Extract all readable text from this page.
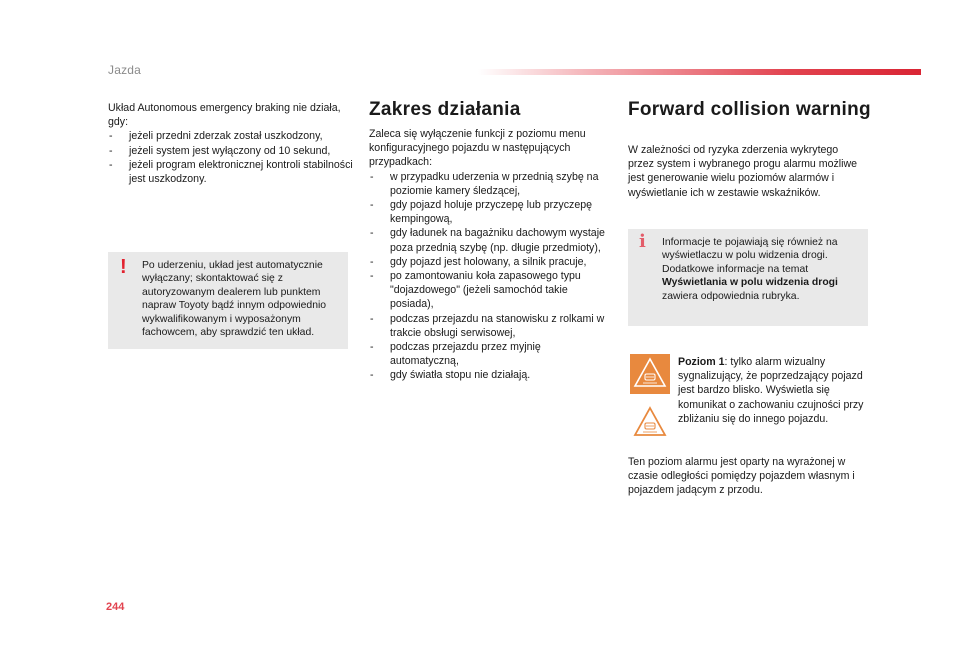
Jazda

Układ Autonomous emergency braking nie działa, gdy:

- jeżeli przedni zderzak został uszkodzony,
- jeżeli system jest wyłączony od 10 sekund,
- jeżeli program elektronicznej kontroli stabilności jest uszkodzony.
! Po uderzeniu, układ jest automatycznie wyłączany; skontaktować się z autoryzowanym dealerem lub punktem napraw Toyoty bądź innym odpowiednio wykwalifikowanym i wyposażonym fachowcem, aby sprawdzić ten układ.

Zakres działania

Zaleca się wyłączenie funkcji z poziomu menu konfiguracyjnego pojazdu w następujących przypadkach:

- w przypadku uderzenia w przednią szybę na poziomie kamery śledzącej,
- gdy pojazd holuje przyczepę lub przyczepę kempingową,
- gdy ładunek na bagażniku dachowym wystaje poza przednią szybę (np. długie przedmioty),
- gdy pojazd jest holowany, a silnik pracuje,
- po zamontowaniu koła zapasowego typu "dojazdowego" (jeżeli samochód takie posiada),
- podczas przejazdu na stanowisku z rolkami w trakcie obsługi serwisowej,
- podczas przejazdu przez myjnię automatyczną,
- gdy światła stopu nie działają.
Forward collision warning
W zależności od ryzyka zderzenia wykrytego przez system i wybranego progu alarmu możliwe jest generowanie wielu poziomów alarmów i wyświetlanie ich w zestawie wskaźników.
i Informacje te pojawiają się również na wyświetlaczu w polu widzenia drogi. Dodatkowe informacje na temat Wyświetlania w polu widzenia drogi zawiera odpowiednia rubryka.

Poziom 1: tylko alarm wizualny sygnalizujący, że poprzedzający pojazd jest bardzo blisko. Wyświetla się komunikat o zachowaniu czujności przy zbliżaniu się do innego pojazdu.
Ten poziom alarmu jest oparty na wyrażonej w czasie odległości pomiędzy pojazdem własnym i pojazdem jadącym z przodu.
244
